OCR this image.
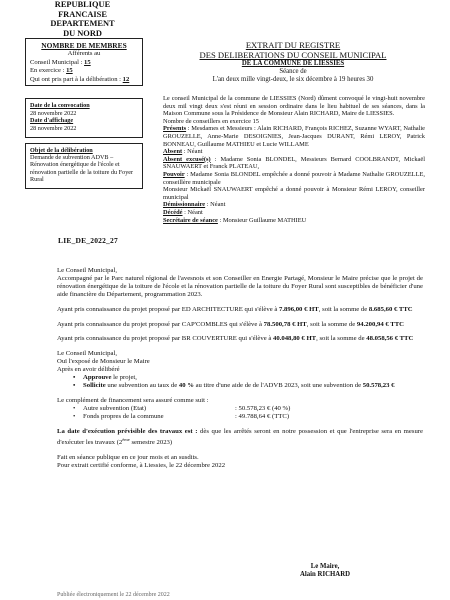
REPUBLIQUE FRANCAISE
DEPARTEMENT
DU NORD
NOMBRE DE MEMBRES
Afférents au
Conseil Municipal : 15
En exercice : 15
Qui ont pris part à la délibération : 12
Date de la convocation
28 novembre 2022
Date d'affichage
28 novembre 2022
Objet de la délibération
Demande de subvention ADVB – Rénovation énergétique de l'école et rénovation partielle de la toiture du Foyer Rural
LIE_DE_2022_27
EXTRAIT DU REGISTRE
DES DELIBERATIONS DU CONSEIL MUNICIPAL
DE LA COMMUNE DE LIESSIES
Séance de
L'an deux mille vingt-deux, le six décembre à 19 heures 30

Le conseil Municipal de la commune de LIESSIES (Nord) dûment convoqué le vingt-huit novembre deux mil vingt deux s'est réuni en session ordinaire dans le lieu habituel de ses séances, dans la Maison Commune sous la Présidence de Monsieur Alain RICHARD, Maire de LIESSIES.

Nombre de conseillers en exercice 15

Présents : Mesdames et Messieurs : Alain RICHARD, François RICHEZ, Suzanne WYART, Nathalie GROUZELLE, Anne-Marie DESOIGNIES, Jean-Jacques DURANT, Rémi LEROY, Patrick BONNEAU, Guillaume MATHIEU et Lucie WILLAME

Absent : Néant

Absent excusé(s) : Madame Sonia BLONDEL, Messieurs Bernard COOLBRANDT, Mickaël SNAUWAERT et Franck PLATEAU,

Pouvoir : Madame Sonia BLONDEL empêchée a donné pouvoir à Madame Nathalie GROUZELLE, conseillère municipale

Monsieur Mickaël SNAUWAERT empêché a donné pouvoir à Monsieur Rémi LEROY, conseiller municipal

Démissionnaire : Néant

Décédé : Néant

Secrétaire de séance : Monsieur Guillaume MATHIEU

Le Conseil Municipal,

Accompagné par le Parc naturel régional de l'avesnois et son Conseiller en Energie Partagé, Monsieur le Maire précise que le projet de rénovation énergétique de la toiture de l'école et la rénovation partielle de la toiture du Foyer Rural sont susceptibles de bénéficier d'une aide financière du Département, programmation 2023.

Ayant pris connaissance du projet proposé par ED ARCHITECTURE qui s'élève à 7.896,00 € HT, soit la somme de 8.685,60 € TTC

Ayant pris connaissance du projet proposé par CAP'COMBLES qui s'élève à 78.500,78 € HT, soit la somme de 94.200,94 € TTC

Ayant pris connaissance du projet proposé par BR COUVERTURE qui s'élève à 40.048,80 € HT, soit la somme de 48.058,56 € TTC

Le Conseil Municipal,

Ouï l'exposé de Monsieur le Maire

Après en avoir délibéré

• Approuve le projet,

• Sollicite une subvention au taux de 40 % au titre d'une aide de de l'ADVB 2023, soit une subvention de 50.578,23 €

Le complément de financement sera assuré comme suit :

• Autre subvention (Etat)	: 50.578,23 € (40 %)
• Fonds propres de la commune	: 49.788,64 € (TTC)

La date d'exécution prévisible des travaux est : dès que les arrêtés seront en notre possession et que l'entreprise sera en mesure d'exécuter les travaux (2ème semestre 2023)

Fait en séance publique en ce jour mois et an susdits.

Pour extrait certifié conforme, à Liessies, le 22 décembre 2022

Le Maire,
Alain RICHARD
Publiée électroniquement le 22 décembre 2022
